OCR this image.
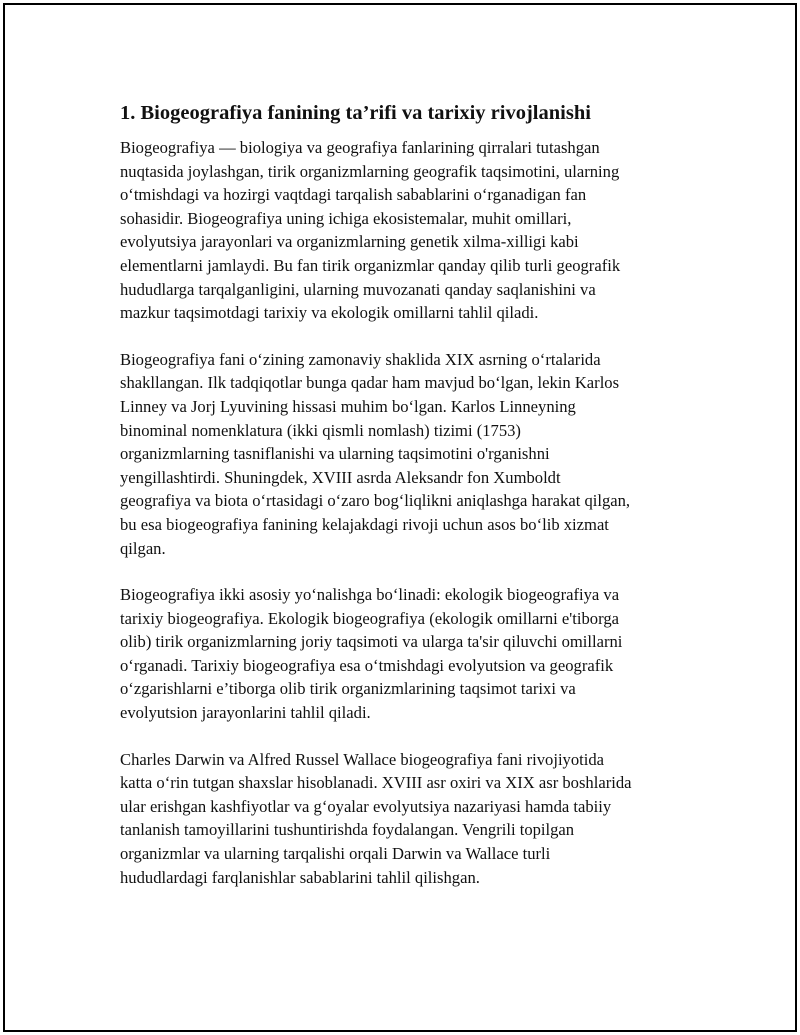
1. Biogeografiya fanining ta’rifi va tarixiy rivojlanishi

Biogeografiya — biologiya va geografiya fanlarining qirralari tutashgan
nuqtasida joylashgan, tirik organizmlarning geografik taqsimotini, ularning
o‘tmishdagi va hozirgi vaqtdagi tarqalish sabablarini o‘rganadigan fan
sohasidir. Biogeografiya uning ichiga ekosistemalar, muhit omillari,
evolyutsiya jarayonlari va organizmlarning genetik xilma-xilligi kabi
elementlarni jamlaydi. Bu fan tirik organizmlar qanday qilib turli geografik
hududlarga tarqalganligini, ularning muvozanati qanday saqlanishini va
mazkur taqsimotdagi tarixiy va ekologik omillarni tahlil qiladi.

Biogeografiya fani o‘zining zamonaviy shaklida XIX asrning o‘rtalarida
shakllangan. Ilk tadqiqotlar bunga qadar ham mavjud bo‘lgan, lekin Karlos
Linney va Jorj Lyuvining hissasi muhim bo‘lgan. Karlos Linneyning
binominal nomenklatura (ikki qismli nomlash) tizimi (1753)
organizmlarning tasniflanishi va ularning taqsimotini o'rganishni
yengillashtirdi. Shuningdek, XVIII asrda Aleksandr fon Xumboldt
geografiya va biota o‘rtasidagi o‘zaro bog‘liqlikni aniqlashga harakat qilgan,
bu esa biogeografiya fanining kelajakdagi rivoji uchun asos bo‘lib xizmat
qilgan.

Biogeografiya ikki asosiy yo‘nalishga bo‘linadi: ekologik biogeografiya va
tarixiy biogeografiya. Ekologik biogeografiya (ekologik omillarni e'tiborga
olib) tirik organizmlarning joriy taqsimoti va ularga ta'sir qiluvchi omillarni
o‘rganadi. Tarixiy biogeografiya esa o‘tmishdagi evolyutsion va geografik
o‘zgarishlarni e’tiborga olib tirik organizmlarining taqsimot tarixi va
evolyutsion jarayonlarini tahlil qiladi.

Charles Darwin va Alfred Russel Wallace biogeografiya fani rivojiyotida
katta o‘rin tutgan shaxslar hisoblanadi. XVIII asr oxiri va XIX asr boshlarida
ular erishgan kashfiyotlar va g‘oyalar evolyutsiya nazariyasi hamda tabiiy
tanlanish tamoyillarini tushuntirishda foydalangan. Vengrili topilgan
organizmlar va ularning tarqalishi orqali Darwin va Wallace turli
hududlardagi farqlanishlar sabablarini tahlil qilishgan.
